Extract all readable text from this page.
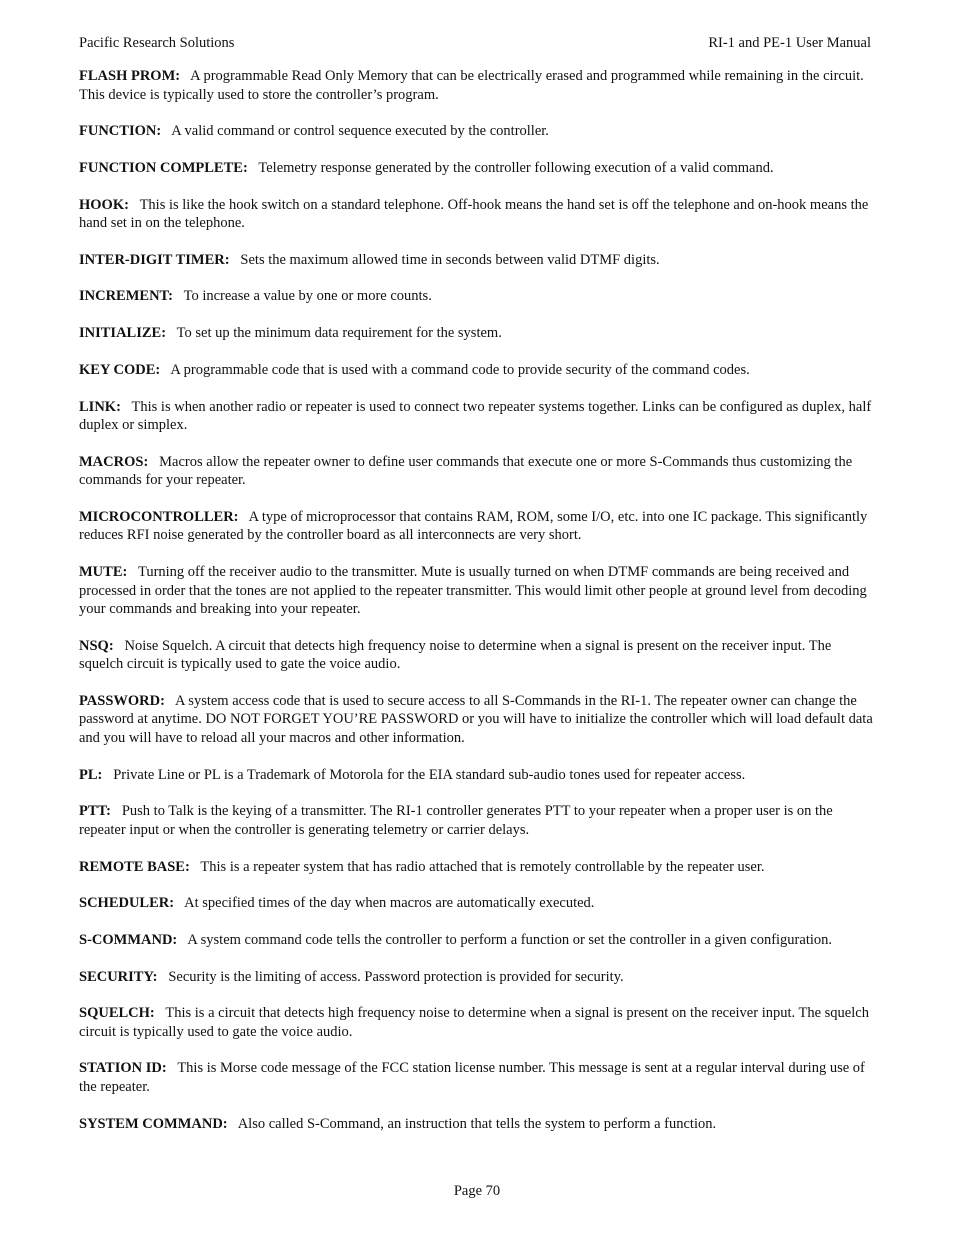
Pacific Research Solutions	RI-1 and PE-1 User Manual

FLASH PROM: A programmable Read Only Memory that can be electrically erased and programmed while remaining in the circuit. This device is typically used to store the controller’s program.

FUNCTION: A valid command or control sequence executed by the controller.

FUNCTION COMPLETE: Telemetry response generated by the controller following execution of a valid command.

HOOK: This is like the hook switch on a standard telephone. Off-hook means the hand set is off the telephone and on-hook means the hand set in on the telephone.

INTER-DIGIT TIMER: Sets the maximum allowed time in seconds between valid DTMF digits.

INCREMENT: To increase a value by one or more counts.

INITIALIZE: To set up the minimum data requirement for the system.

KEY CODE: A programmable code that is used with a command code to provide security of the command codes.

LINK: This is when another radio or repeater is used to connect two repeater systems together. Links can be configured as duplex, half duplex or simplex.

MACROS: Macros allow the repeater owner to define user commands that execute one or more S-Commands thus customizing the commands for your repeater.

MICROCONTROLLER: A type of microprocessor that contains RAM, ROM, some I/O, etc. into one IC package. This significantly reduces RFI noise generated by the controller board as all interconnects are very short.

MUTE: Turning off the receiver audio to the transmitter. Mute is usually turned on when DTMF commands are being received and processed in order that the tones are not applied to the repeater transmitter. This would limit other people at ground level from decoding your commands and breaking into your repeater.

NSQ: Noise Squelch. A circuit that detects high frequency noise to determine when a signal is present on the receiver input. The squelch circuit is typically used to gate the voice audio.

PASSWORD: A system access code that is used to secure access to all S-Commands in the RI-1. The repeater owner can change the password at anytime. DO NOT FORGET YOU’RE PASSWORD or you will have to initialize the controller which will load default data and you will have to reload all your macros and other information.

PL: Private Line or PL is a Trademark of Motorola for the EIA standard sub-audio tones used for repeater access.

PTT: Push to Talk is the keying of a transmitter. The RI-1 controller generates PTT to your repeater when a proper user is on the repeater input or when the controller is generating telemetry or carrier delays.

REMOTE BASE: This is a repeater system that has radio attached that is remotely controllable by the repeater user.

SCHEDULER: At specified times of the day when macros are automatically executed.

S-COMMAND: A system command code tells the controller to perform a function or set the controller in a given configuration.

SECURITY: Security is the limiting of access. Password protection is provided for security.

SQUELCH: This is a circuit that detects high frequency noise to determine when a signal is present on the receiver input. The squelch circuit is typically used to gate the voice audio.

STATION ID: This is Morse code message of the FCC station license number. This message is sent at a regular interval during use of the repeater.

SYSTEM COMMAND: Also called S-Command, an instruction that tells the system to perform a function.

Page 70
